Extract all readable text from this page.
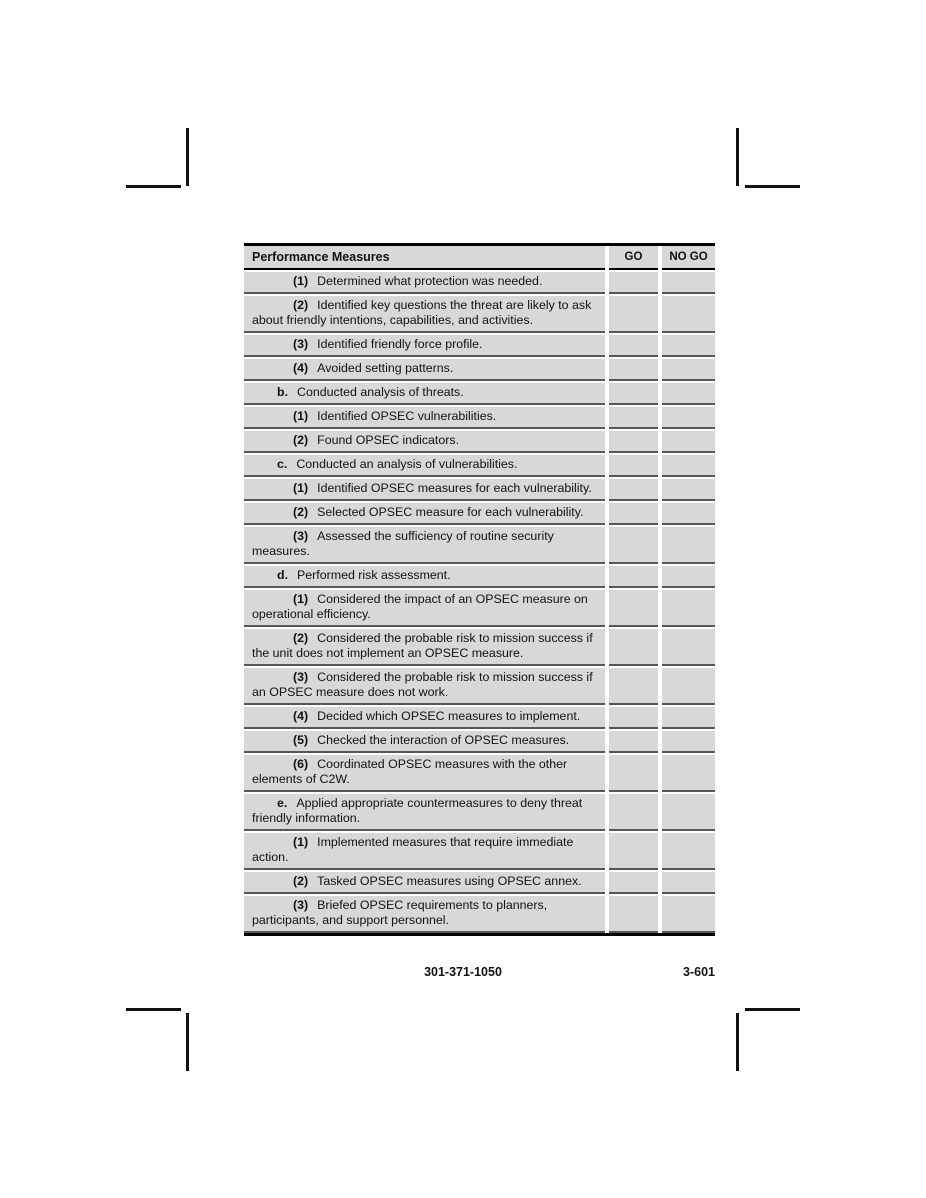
Performance Measures	GO	NO GO

(1) Determined what protection was needed.

(2) Identified key questions the threat are likely to ask about friendly intentions, capabilities, and activities.

(3) Identified friendly force profile.

(4) Avoided setting patterns.

b. Conducted analysis of threats.

(1) Identified OPSEC vulnerabilities.

(2) Found OPSEC indicators.

c. Conducted an analysis of vulnerabilities.

(1) Identified OPSEC measures for each vulnerability.

(2) Selected OPSEC measure for each vulnerability.

(3) Assessed the sufficiency of routine security measures.

d. Performed risk assessment.

(1) Considered the impact of an OPSEC measure on operational efficiency.

(2) Considered the probable risk to mission success if the unit does not implement an OPSEC measure.

(3) Considered the probable risk to mission success if an OPSEC measure does not work.

(4) Decided which OPSEC measures to implement.

(5) Checked the interaction of OPSEC measures.

(6) Coordinated OPSEC measures with the other elements of C2W.

e. Applied appropriate countermeasures to deny threat friendly information.

(1) Implemented measures that require immediate action.

(2) Tasked OPSEC measures using OPSEC annex.

(3) Briefed OPSEC requirements to planners, participants, and support personnel.

301-371-1050	3-601
